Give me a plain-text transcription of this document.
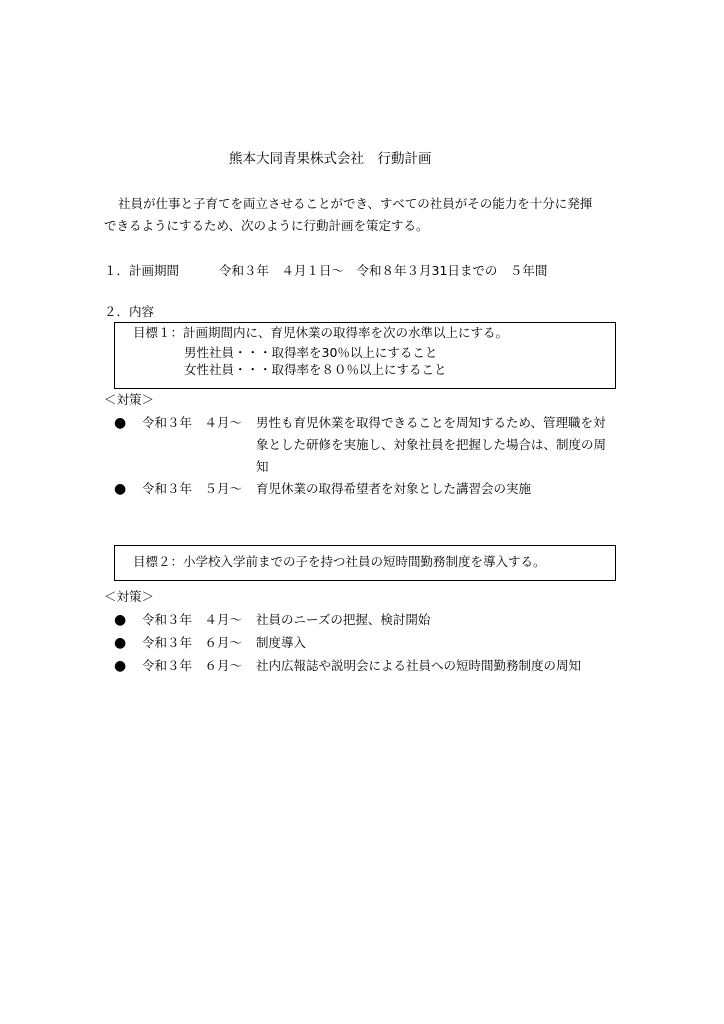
熊本大同青果株式会社　行動計画
社員が仕事と子育てを両立させることができ、すべての社員がその能力を十分に発揮
できるようにするため、次のように行動計画を策定する。
１．計画期間	令和３年　４月１日～　令和８年３月31日までの　５年間
２．内容
目標１：計画期間内に、育児休業の取得率を次の水準以上にする。
男性社員・・・取得率を30％以上にすること
女性社員・・・取得率を８０％以上にすること
＜対策＞
● 令和３年　４月～ 男性も育児休業を取得できることを周知するため、管理職を対
象とした研修を実施し、対象社員を把握した場合は、制度の周
知
● 令和３年　５月～ 育児休業の取得希望者を対象とした講習会の実施
目標２：小学校入学前までの子を持つ社員の短時間勤務制度を導入する。
＜対策＞
● 令和３年　４月～ 社員のニーズの把握、検討開始
● 令和３年　６月～ 制度導入
● 令和３年　６月～ 社内広報誌や説明会による社員への短時間勤務制度の周知
